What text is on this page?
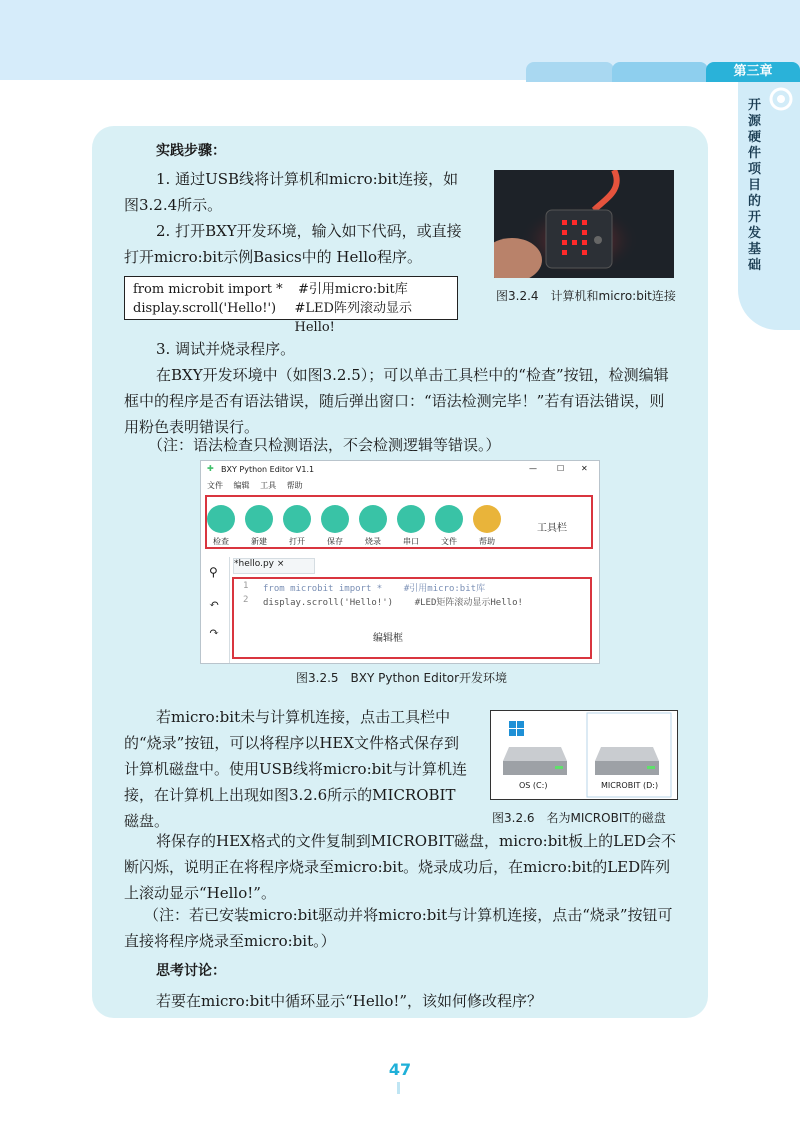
第三章
开源硬件项目的开发基础
实践步骤：
1. 通过USB线将计算机和micro:bit连接，如图3.2.4所示。
2. 打开BXY开发环境，输入如下代码，或直接打开micro:bit示例Basics中的 Hello程序。
from microbit import *	#引用micro:bit库
display.scroll('Hello!')	#LED阵列滚动显示Hello!
图3.2.4　计算机和micro:bit连接
3. 调试并烧录程序。
在BXY开发环境中（如图3.2.5）；可以单击工具栏中的“检查”按钮，检测编辑框中的程序是否有语法错误，随后弹出窗口：“语法检测完毕！”若有语法错误，则用粉色表明错误行。
（注：语法检查只检测语法，不会检测逻辑等错误。）
✚ BXY Python Editor V1.1	—	☐ ✕
文件 编辑 工具 帮助
检查	新建	打开	保存	烧录	串口	文件	帮助
工具栏
⚲
↶
↷
*hello.py ×
1 from microbit import *    #引用micro:bit库
2 display.scroll('Hello!')    #LED矩阵滚动显示Hello!
编辑框
图3.2.5　BXY Python Editor开发环境
若micro:bit未与计算机连接，点击工具栏中的“烧录”按钮，可以将程序以HEX文件格式保存到计算机磁盘中。使用USB线将micro:bit与计算机连接，在计算机上出现如图3.2.6所示的MICROBIT磁盘。
OS (C:)	MICROBIT (D:)
图3.2.6　名为MICROBIT的磁盘
将保存的HEX格式的文件复制到MICROBIT磁盘，micro:bit板上的LED会不断闪烁，说明正在将程序烧录至micro:bit。烧录成功后，在micro:bit的LED阵列上滚动显示“Hello!”。
（注：若已安装micro:bit驱动并将micro:bit与计算机连接，点击“烧录”按钮可直接将程序烧录至micro:bit。）
思考讨论：
若要在micro:bit中循环显示“Hello!”，该如何修改程序？
47
